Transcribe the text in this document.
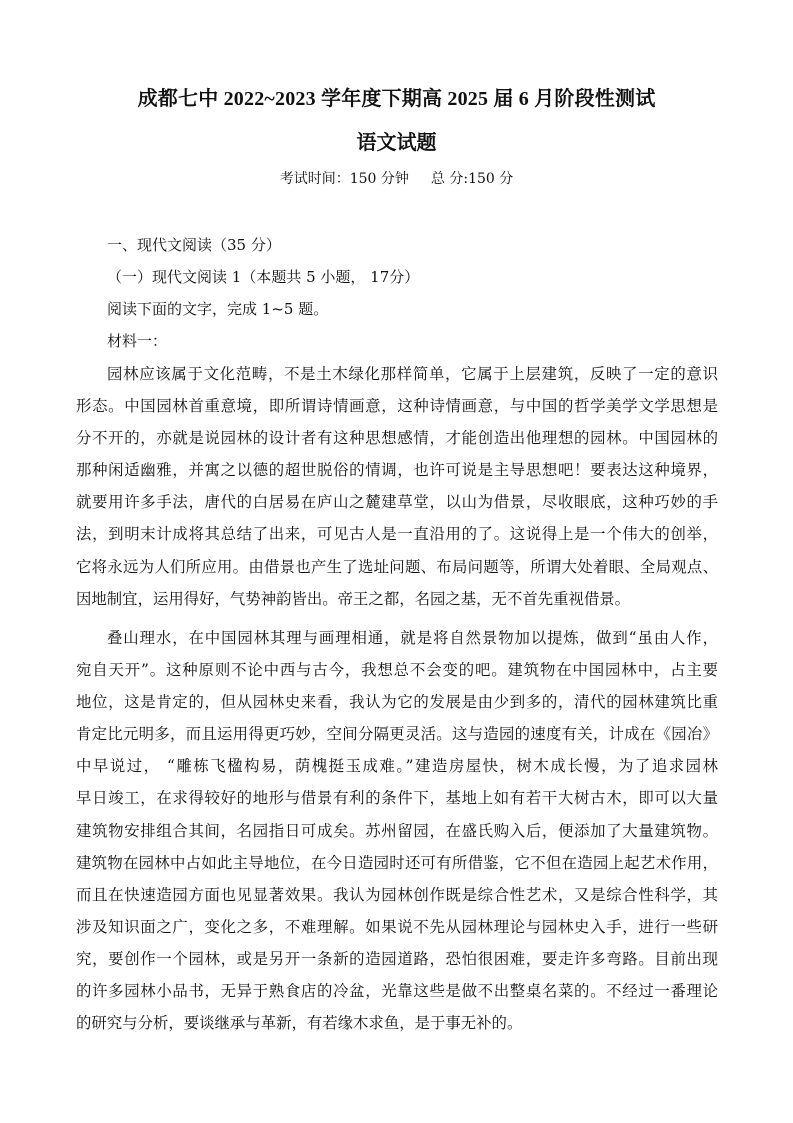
成都七中 2022~2023 学年度下期高 2025 届 6 月阶段性测试
语文试题
考试时间：150 分钟 总 分:150 分
一、现代文阅读（35 分）
（一）现代文阅读 1（本题共 5 小题， 17分）
阅读下面的文字，完成 1~5 题。
材料一：
园林应该属于文化范畴，不是土木绿化那样简单，它属于上层建筑，反映了一定的意识
形态。中国园林首重意境，即所谓诗情画意，这种诗情画意，与中国的哲学美学文学思想是
分不开的，亦就是说园林的设计者有这种思想感情，才能创造出他理想的园林。中国园林的
那种闲适幽雅，并寓之以德的超世脱俗的情调，也许可说是主导思想吧！要表达这种境界，
就要用许多手法，唐代的白居易在庐山之麓建草堂，以山为借景，尽收眼底，这种巧妙的手
法，到明末计成将其总结了出来，可见古人是一直沿用的了。这说得上是一个伟大的创举，
它将永远为人们所应用。由借景也产生了选址问题、布局问题等，所谓大处着眼、全局观点、
因地制宜，运用得好，气势神韵皆出。帝王之都，名园之基，无不首先重视借景。
叠山理水，在中国园林其理与画理相通，就是将自然景物加以提炼，做到“虽由人作，
宛自天开”。这种原则不论中西与古今，我想总不会变的吧。建筑物在中国园林中，占主要
地位，这是肯定的，但从园林史来看，我认为它的发展是由少到多的，清代的园林建筑比重
肯定比元明多，而且运用得更巧妙，空间分隔更灵活。这与造园的速度有关，计成在《园冶》
中早说过， “雕栋飞楹构易，荫槐挺玉成难。”建造房屋快，树木成长慢，为了追求园林
早日竣工，在求得较好的地形与借景有利的条件下，基地上如有若干大树古木，即可以大量
建筑物安排组合其间，名园指日可成矣。苏州留园，在盛氏购入后，便添加了大量建筑物。
建筑物在园林中占如此主导地位，在今日造园时还可有所借鉴，它不但在造园上起艺术作用，
而且在快速造园方面也见显著效果。我认为园林创作既是综合性艺术，又是综合性科学，其
涉及知识面之广，变化之多，不难理解。如果说不先从园林理论与园林史入手，进行一些研
究，要创作一个园林，或是另开一条新的造园道路，恐怕很困难，要走许多弯路。目前出现
的许多园林小品书，无异于熟食店的冷盆，光靠这些是做不出整桌名菜的。不经过一番理论
的研究与分析，要谈继承与革新，有若缘木求鱼，是于事无补的。
